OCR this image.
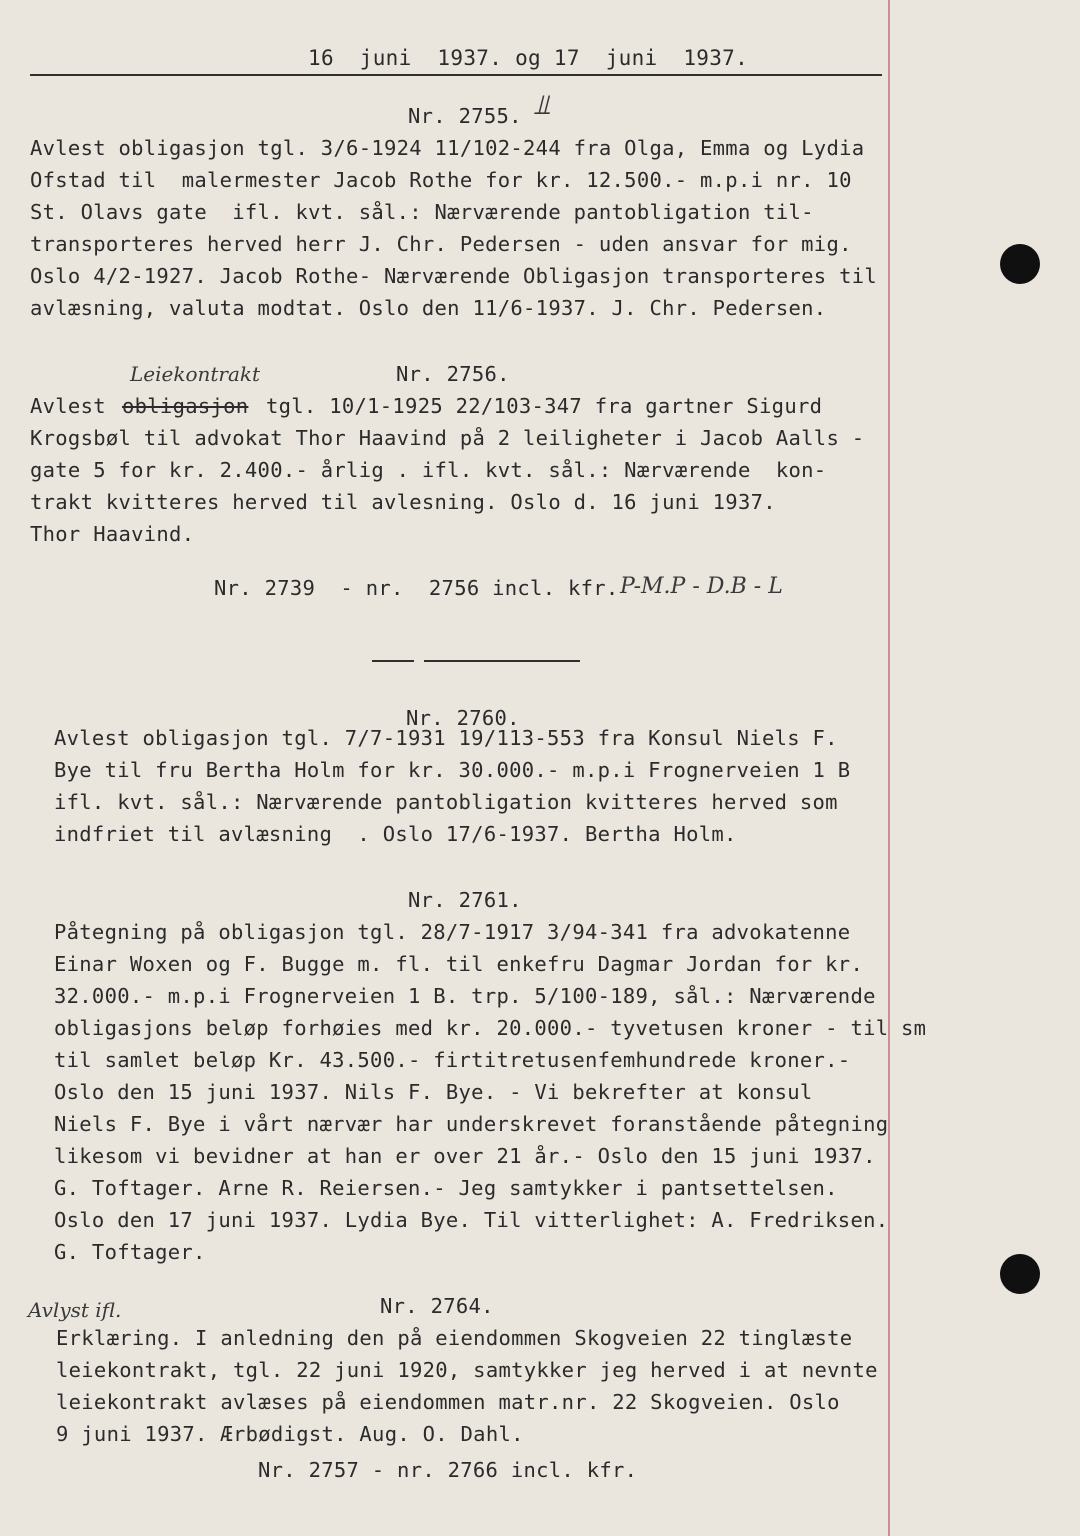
16  juni  1937. og 17  juni  1937.
Nr. 2755. ⫫
Avlest obligasjon tgl. 3/6-1924 11/102-244 fra Olga, Emma og Lydia
Ofstad til  malermester Jacob Rothe for kr. 12.500.- m.p.i nr. 10
St. Olavs gate  ifl. kvt. sål.: Nærværende pantobligation til-
transporteres herved herr J. Chr. Pedersen - uden ansvar for mig.
Oslo 4/2-1927. Jacob Rothe- Nærværende Obligasjon transporteres til
avlæsning, valuta modtat. Oslo den 11/6-1937. J. Chr. Pedersen.
Leiekontrakt	Nr. 2756.
Avlest obligasjon tgl. 10/1-1925 22/103-347 fra gartner Sigurd
Krogsbøl til advokat Thor Haavind på 2 leiligheter i Jacob Aalls -
gate 5 for kr. 2.400.- årlig . ifl. kvt. sål.: Nærværende  kon-
trakt kvitteres herved til avlesning. Oslo d. 16 juni 1937.
Thor Haavind.
Nr. 2739  - nr.  2756 incl. kfr. P-M.P - D.B - L
Nr. 2760.
Avlest obligasjon tgl. 7/7-1931 19/113-553 fra Konsul Niels F.
Bye til fru Bertha Holm for kr. 30.000.- m.p.i Frognerveien 1 B
ifl. kvt. sål.: Nærværende pantobligation kvitteres herved som
indfriet til avlæsning  . Oslo 17/6-1937. Bertha Holm.
Nr. 2761.
Påtegning på obligasjon tgl. 28/7-1917 3/94-341 fra advokatenne
Einar Woxen og F. Bugge m. fl. til enkefru Dagmar Jordan for kr.
32.000.- m.p.i Frognerveien 1 B. trp. 5/100-189, sål.: Nærværende
obligasjons beløp forhøies med kr. 20.000.- tyvetusen kroner - til sm
til samlet beløp Kr. 43.500.- firtitretusenfemhundrede kroner.-
Oslo den 15 juni 1937. Nils F. Bye. - Vi bekrefter at konsul
Niels F. Bye i vårt nærvær har underskrevet foranstående påtegning
likesom vi bevidner at han er over 21 år.- Oslo den 15 juni 1937.
G. Toftager. Arne R. Reiersen.- Jeg samtykker i pantsettelsen.
Oslo den 17 juni 1937. Lydia Bye. Til vitterlighet: A. Fredriksen.
G. Toftager.
Avlyst ifl.	Nr. 2764.
Erklæring. I anledning den på eiendommen Skogveien 22 tinglæste
leiekontrakt, tgl. 22 juni 1920, samtykker jeg herved i at nevnte
leiekontrakt avlæses på eiendommen matr.nr. 22 Skogveien. Oslo
9 juni 1937. Ærbødigst. Aug. O. Dahl.
Nr. 2757 - nr. 2766 incl. kfr.
